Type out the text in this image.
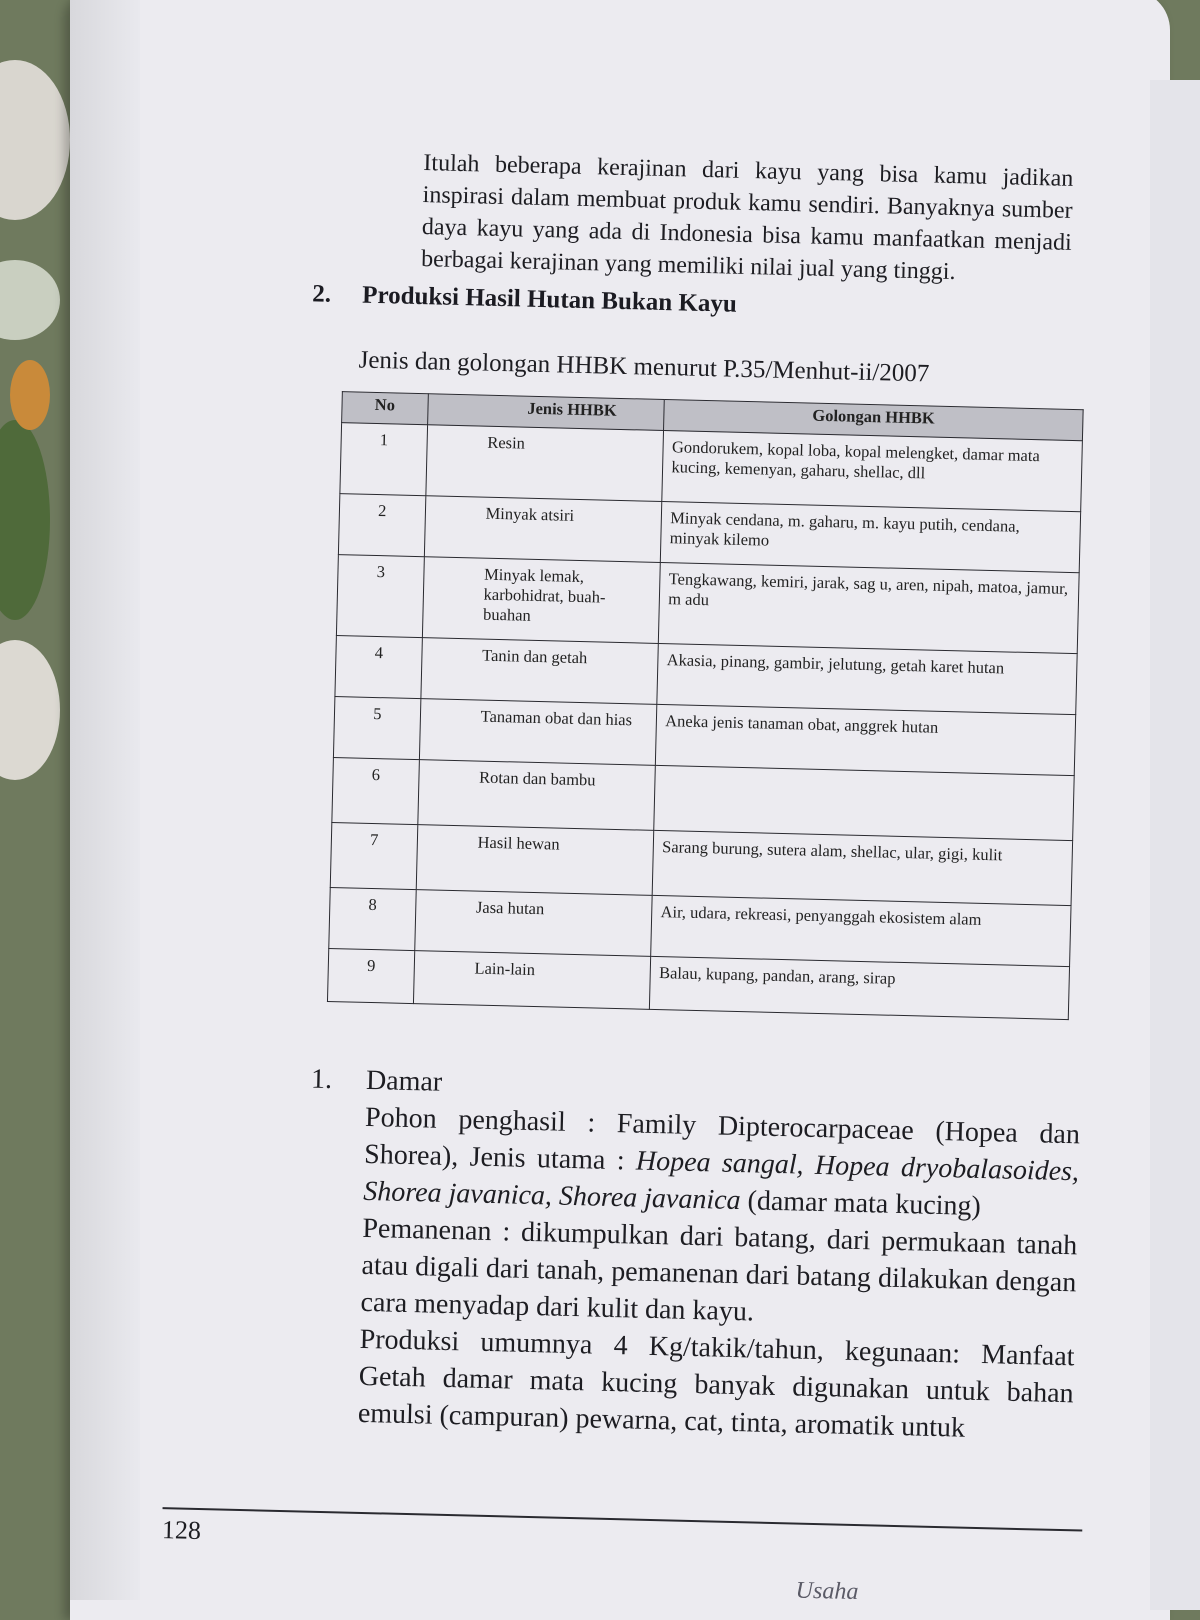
Itulah beberapa kerajinan dari kayu yang bisa kamu jadikan inspirasi dalam membuat produk kamu sendiri. Banyaknya sumber daya kayu yang ada di Indonesia bisa kamu manfaatkan menjadi berbagai kerajinan yang memiliki nilai jual yang tinggi.

2. Produksi Hasil Hutan Bukan Kayu
Jenis dan golongan HHBK menurut P.35/Menhut-ii/2007
No	Jenis HHBK	Golongan HHBK
1	Resin	Gondorukem, kopal loba, kopal melengket, damar mata kucing, kemenyan, gaharu, shellac, dll
2	Minyak atsiri	Minyak cendana, m. gaharu, m. kayu putih, cendana, minyak kilemo
3	Minyak lemak, karbohidrat, buah-buahan	Tengkawang, kemiri, jarak, sag u, aren, nipah, matoa, jamur, m adu
4	Tanin dan getah	Akasia, pinang, gambir, jelutung, getah karet hutan
5	Tanaman obat dan hias	Aneka jenis tanaman obat, anggrek hutan
6	Rotan dan bambu	
7	Hasil hewan	Sarang burung, sutera alam, shellac, ular, gigi, kulit
8	Jasa hutan	Air, udara, rekreasi, penyanggah ekosistem alam
9	Lain-lain	Balau, kupang, pandan, arang, sirap
1. Damar
Pohon penghasil : Family Dipterocarpaceae (Hopea dan Shorea), Jenis utama : Hopea sangal, Hopea dryobalasoides, Shorea javanica, Shorea javanica (damar mata kucing)
Pemanenan : dikumpulkan dari batang, dari permukaan tanah atau digali dari tanah, pemanenan dari batang dilakukan dengan cara menyadap dari kulit dan kayu.
Produksi umumnya 4 Kg/takik/tahun, kegunaan: Manfaat Getah damar mata kucing banyak digunakan untuk bahan emulsi (campuran) pewarna, cat, tinta, aromatik untuk
128
Usaha
